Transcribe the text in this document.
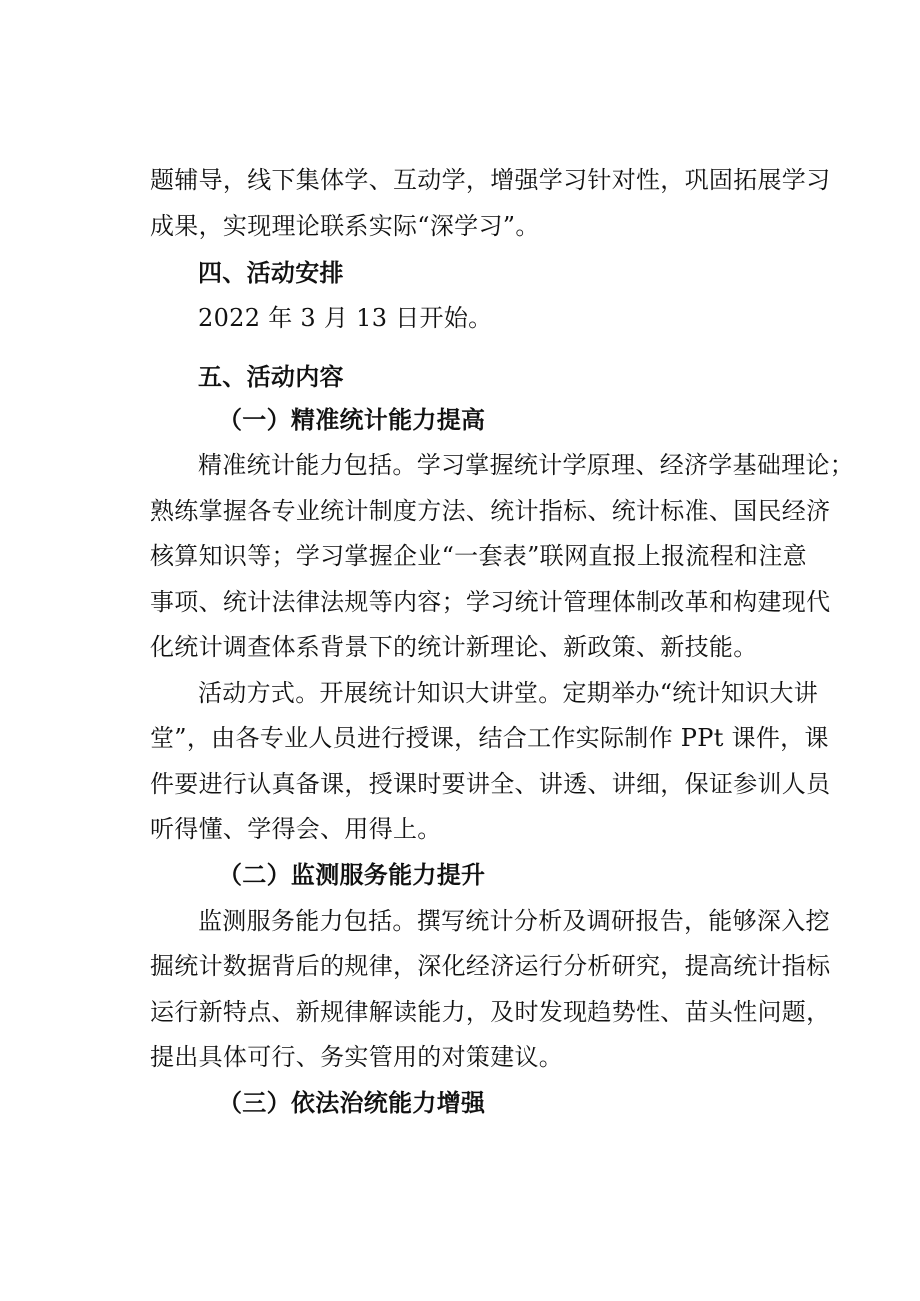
题辅导，线下集体学、互动学，增强学习针对性，巩固拓展学习
成果，实现理论联系实际“深学习”。
四、活动安排
2022 年 3 月 13 日开始。
五、活动内容
（一）精准统计能力提高
精准统计能力包括。学习掌握统计学原理、经济学基础理论；
熟练掌握各专业统计制度方法、统计指标、统计标准、国民经济
核算知识等；学习掌握企业“一套表”联网直报上报流程和注意
事项、统计法律法规等内容；学习统计管理体制改革和构建现代
化统计调查体系背景下的统计新理论、新政策、新技能。
活动方式。开展统计知识大讲堂。定期举办“统计知识大讲
堂”，由各专业人员进行授课，结合工作实际制作 PPt 课件，课
件要进行认真备课，授课时要讲全、讲透、讲细，保证参训人员
听得懂、学得会、用得上。
（二）监测服务能力提升
监测服务能力包括。撰写统计分析及调研报告，能够深入挖
掘统计数据背后的规律，深化经济运行分析研究，提高统计指标
运行新特点、新规律解读能力，及时发现趋势性、苗头性问题，
提出具体可行、务实管用的对策建议。
（三）依法治统能力增强
